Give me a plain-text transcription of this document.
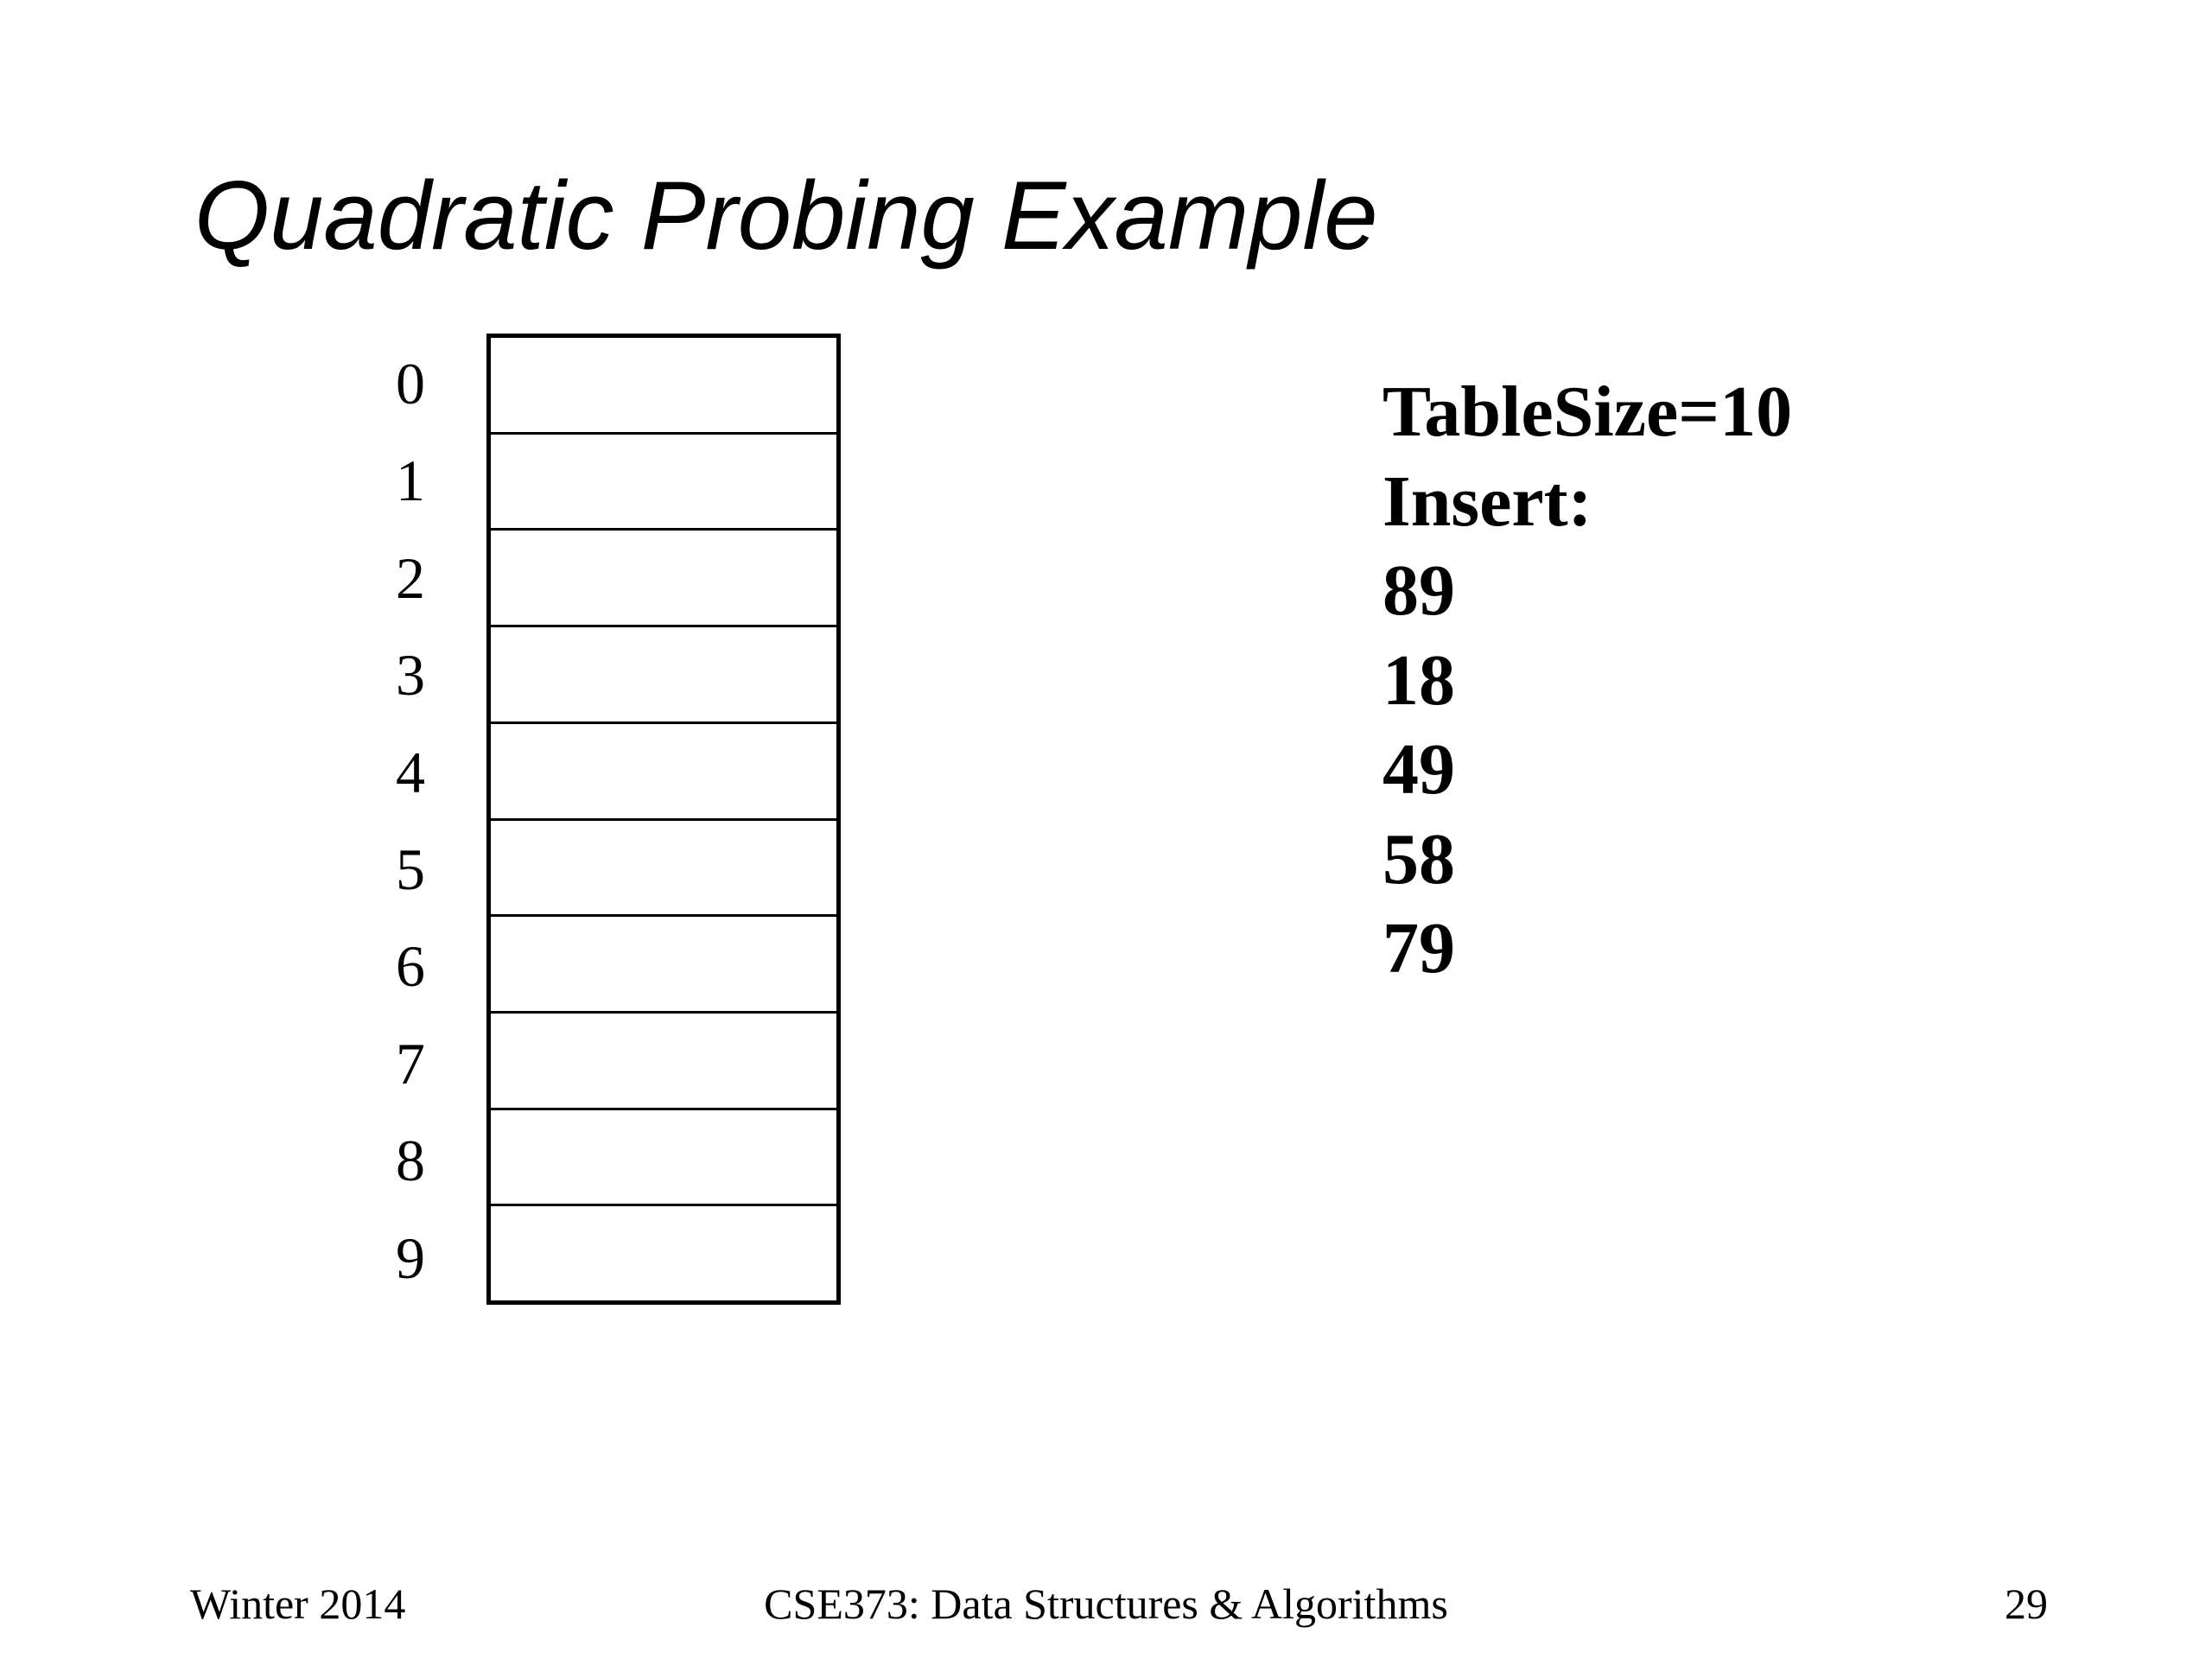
Quadratic Probing Example
0
1
2
3
4
5
6
7
8
9
TableSize=10
Insert:
89
18
49
58
79
Winter 2014	CSE373: Data Structures & Algorithms	29
